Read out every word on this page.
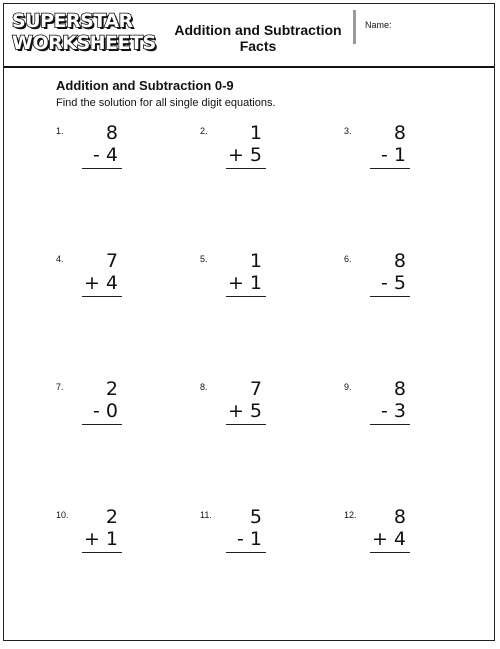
SUPERSTAR
WORKSHEETS
Addition and Subtraction
Facts
Name:
Addition and Subtraction 0-9
Find the solution for all single digit equations.
1. 8
- 4
2. 1
+ 5
3. 8
- 1
4. 7
+ 4
5. 1
+ 1
6. 8
- 5
7. 2
- 0
8. 7
+ 5
9. 8
- 3
10. 2
+ 1
11. 5
- 1
12. 8
+ 4
